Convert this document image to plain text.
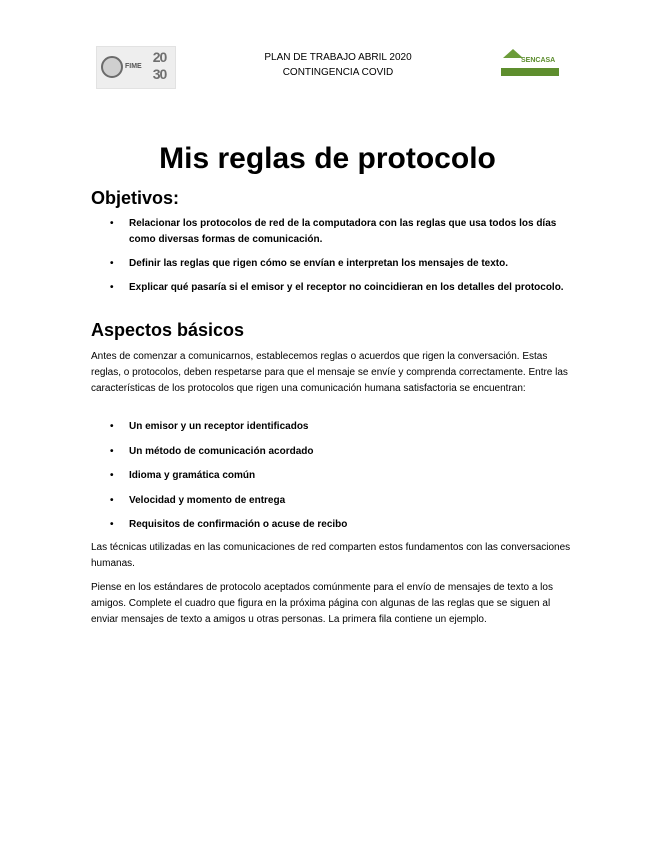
FIME
20
30
PLAN DE TRABAJO ABRIL 2020
CONTINGENCIA COVID
SENCASA
Mis reglas de protocolo
Objetivos:
• Relacionar los protocolos de red de la computadora con las reglas que usa todos los días como diversas formas de comunicación.
• Definir las reglas que rigen cómo se envían e interpretan los mensajes de texto.
• Explicar qué pasaría si el emisor y el receptor no coincidieran en los detalles del protocolo.
Aspectos básicos
Antes de comenzar a comunicarnos, establecemos reglas o acuerdos que rigen la conversación. Estas reglas, o protocolos, deben respetarse para que el mensaje se envíe y comprenda correctamente. Entre las características de los protocolos que rigen una comunicación humana satisfactoria se encuentran:
• Un emisor y un receptor identificados
• Un método de comunicación acordado
• Idioma y gramática común
• Velocidad y momento de entrega
• Requisitos de confirmación o acuse de recibo
Las técnicas utilizadas en las comunicaciones de red comparten estos fundamentos con las conversaciones humanas.
Piense en los estándares de protocolo aceptados comúnmente para el envío de mensajes de texto a los amigos. Complete el cuadro que figura en la próxima página con algunas de las reglas que se siguen al enviar mensajes de texto a amigos u otras personas. La primera fila contiene un ejemplo.
